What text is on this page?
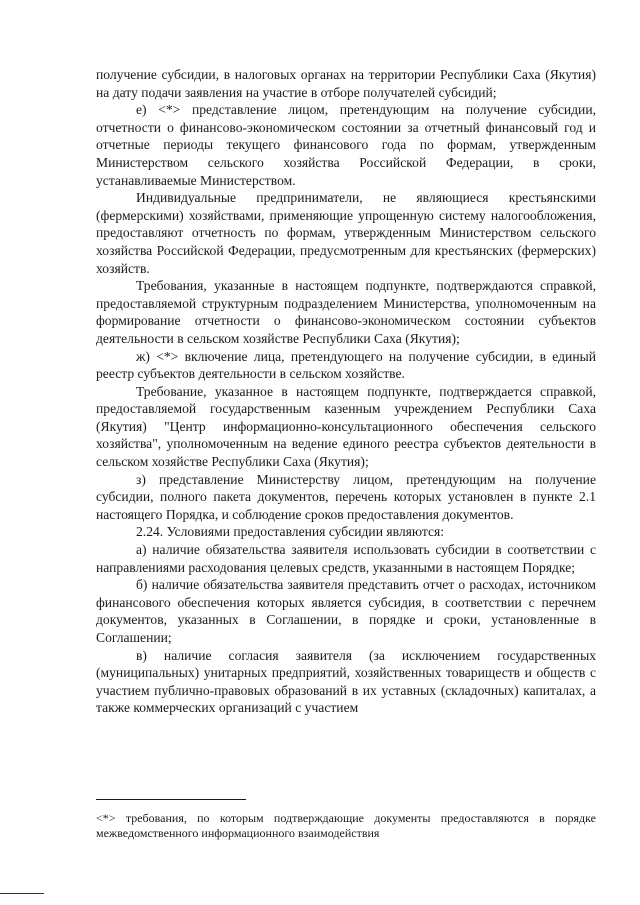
получение субсидии, в налоговых органах на территории Республики Саха (Якутия) на дату подачи заявления на участие в отборе получателей субсидий;

е) <*> представление лицом, претендующим на получение субсидии, отчетности о финансово-экономическом состоянии за отчетный финансовый год и отчетные периоды текущего финансового года по формам, утвержденным Министерством сельского хозяйства Российской Федерации, в сроки, устанавливаемые Министерством.

Индивидуальные предприниматели, не являющиеся крестьянскими (фермерскими) хозяйствами, применяющие упрощенную систему налогообложения, предоставляют отчетность по формам, утвержденным Министерством сельского хозяйства Российской Федерации, предусмотренным для крестьянских (фермерских) хозяйств.

Требования, указанные в настоящем подпункте, подтверждаются справкой, предоставляемой структурным подразделением Министерства, уполномоченным на формирование отчетности о финансово-экономическом состоянии субъектов деятельности в сельском хозяйстве Республики Саха (Якутия);

ж) <*> включение лица, претендующего на получение субсидии, в единый реестр субъектов деятельности в сельском хозяйстве.

Требование, указанное в настоящем подпункте, подтверждается справкой, предоставляемой государственным казенным учреждением Республики Саха (Якутия) "Центр информационно-консультационного обеспечения сельского хозяйства", уполномоченным на ведение единого реестра субъектов деятельности в сельском хозяйстве Республики Саха (Якутия);

з) представление Министерству лицом, претендующим на получение субсидии, полного пакета документов, перечень которых установлен в пункте 2.1 настоящего Порядка, и соблюдение сроков предоставления документов.

2.24. Условиями предоставления субсидии являются:

а) наличие обязательства заявителя использовать субсидии в соответствии с направлениями расходования целевых средств, указанными в настоящем Порядке;

б) наличие обязательства заявителя представить отчет о расходах, источником финансового обеспечения которых является субсидия, в соответствии с перечнем документов, указанных в Соглашении, в порядке и сроки, установленные в Соглашении;

в) наличие согласия заявителя (за исключением государственных (муниципальных) унитарных предприятий, хозяйственных товариществ и обществ с участием публично-правовых образований в их уставных (складочных) капиталах, а также коммерческих организаций с участием

<*> требования, по которым подтверждающие документы предоставляются в порядке межведомственного информационного взаимодействия
